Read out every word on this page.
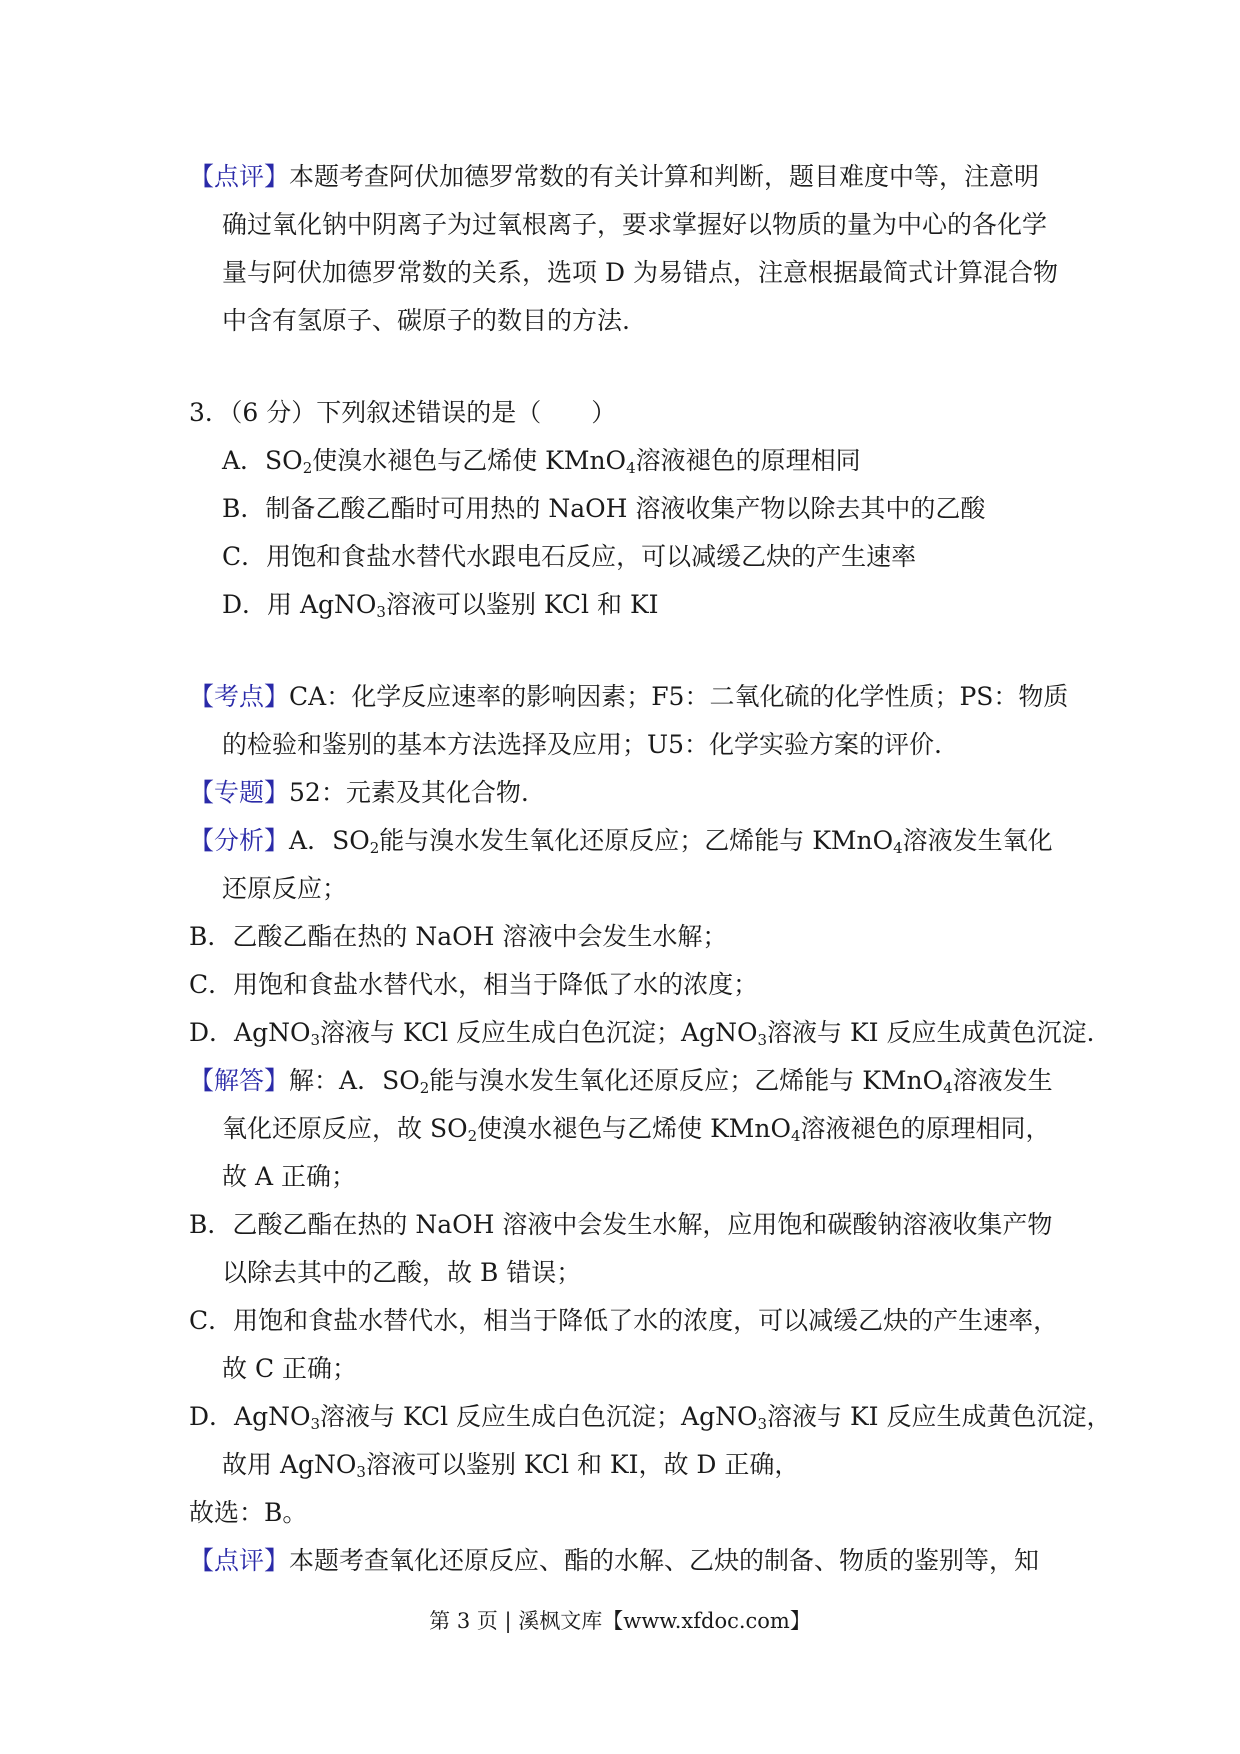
【点评】本题考查阿伏加德罗常数的有关计算和判断，题目难度中等，注意明
确过氧化钠中阴离子为过氧根离子，要求掌握好以物质的量为中心的各化学
量与阿伏加德罗常数的关系，选项 D 为易错点，注意根据最简式计算混合物
中含有氢原子、碳原子的数目的方法.
3．（6 分）下列叙述错误的是（　　）
A．$SO_2$使溴水褪色与乙烯使 KMnO$_4$溶液褪色的原理相同
B．制备乙酸乙酯时可用热的 NaOH 溶液收集产物以除去其中的乙酸
C．用饱和食盐水替代水跟电石反应，可以减缓乙炔的产生速率
D．用 AgNO$_3$溶液可以鉴别 KCl 和 KI
【考点】CA：化学反应速率的影响因素；F5：二氧化硫的化学性质；PS：物质
的检验和鉴别的基本方法选择及应用；U5：化学实验方案的评价.
【专题】52：元素及其化合物.
【分析】A．$SO_2$能与溴水发生氧化还原反应；乙烯能与 KMnO$_4$溶液发生氧化
还原反应；
B．乙酸乙酯在热的 NaOH 溶液中会发生水解；
C．用饱和食盐水替代水，相当于降低了水的浓度；
D．AgNO$_3$溶液与 KCl 反应生成白色沉淀；AgNO$_3$溶液与 KI 反应生成黄色沉淀.
【解答】解：A．$SO_2$能与溴水发生氧化还原反应；乙烯能与 KMnO$_4$溶液发生
氧化还原反应，故 $SO_2$使溴水褪色与乙烯使 KMnO$_4$溶液褪色的原理相同，
故 A 正确；
B．乙酸乙酯在热的 NaOH 溶液中会发生水解，应用饱和碳酸钠溶液收集产物
以除去其中的乙酸，故 B 错误；
C．用饱和食盐水替代水，相当于降低了水的浓度，可以减缓乙炔的产生速率，
故 C 正确；
D．AgNO$_3$溶液与 KCl 反应生成白色沉淀；AgNO$_3$溶液与 KI 反应生成黄色沉淀，
故用 AgNO$_3$溶液可以鉴别 KCl 和 KI，故 D 正确，
故选：B。
【点评】本题考查氧化还原反应、酯的水解、乙炔的制备、物质的鉴别等，知
第 3 页 | 溪枫文库【www.xfdoc.com】
